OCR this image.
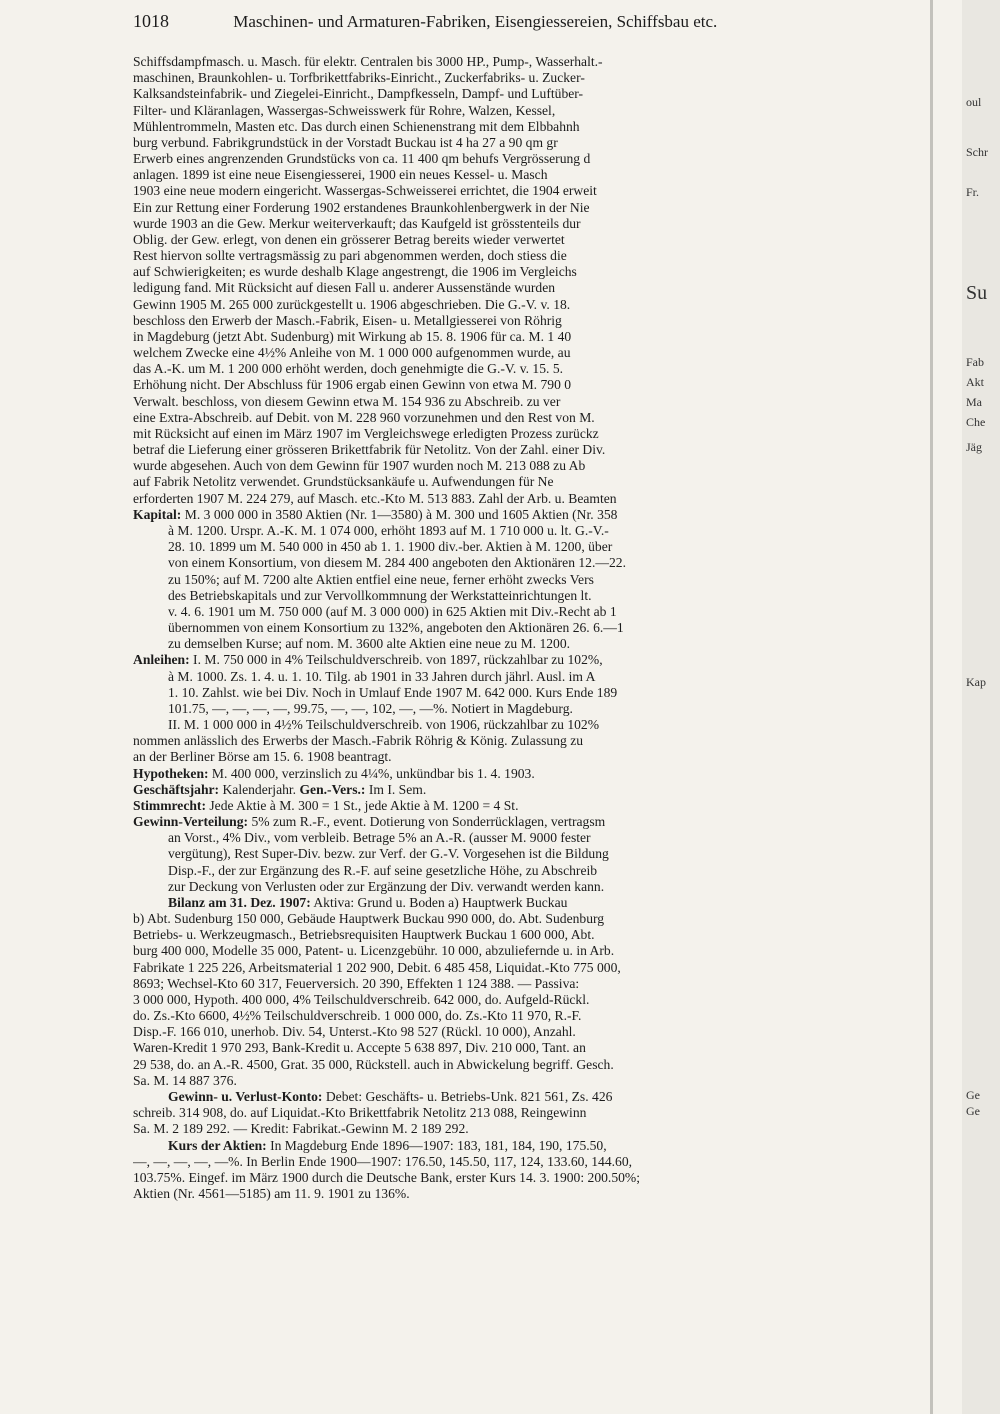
oul
Schr
Fr.
Su
Fab
Akt
Ma
Che
Jäg
Kap
Ge
Ge
1018	Maschinen- und Armaturen-Fabriken, Eisengiessereien, Schiffsbau etc.
Schiffsdampfmasch. u. Masch. für elektr. Centralen bis 3000 HP., Pump-, Wasserhalt.-
maschinen, Braunkohlen- u. Torfbrikettfabriks-Einricht., Zuckerfabriks- u. Zucker-
Kalksandsteinfabrik- und Ziegelei-Einricht., Dampfkesseln, Dampf- und Luftüber-
Filter- und Kläranlagen, Wassergas-Schweisswerk für Rohre, Walzen, Kessel,
Mühlentrommeln, Masten etc. Das durch einen Schienenstrang mit dem Elbbahnh
burg verbund. Fabrikgrundstück in der Vorstadt Buckau ist 4 ha 27 a 90 qm gr
Erwerb eines angrenzenden Grundstücks von ca. 11 400 qm behufs Vergrösserung d
anlagen. 1899 ist eine neue Eisengiesserei, 1900 ein neues Kessel- u. Masch
1903 eine neue modern eingericht. Wassergas-Schweisserei errichtet, die 1904 erweit
Ein zur Rettung einer Forderung 1902 erstandenes Braunkohlenbergwerk in der Nie
wurde 1903 an die Gew. Merkur weiterverkauft; das Kaufgeld ist grösstenteils dur
Oblig. der Gew. erlegt, von denen ein grösserer Betrag bereits wieder verwertet
Rest hiervon sollte vertragsmässig zu pari abgenommen werden, doch stiess die
auf Schwierigkeiten; es wurde deshalb Klage angestrengt, die 1906 im Vergleichs
ledigung fand. Mit Rücksicht auf diesen Fall u. anderer Aussenstände wurden
Gewinn 1905 M. 265 000 zurückgestellt u. 1906 abgeschrieben. Die G.-V. v. 18.
beschloss den Erwerb der Masch.-Fabrik, Eisen- u. Metallgiesserei von Röhrig
in Magdeburg (jetzt Abt. Sudenburg) mit Wirkung ab 15. 8. 1906 für ca. M. 1 40
welchem Zwecke eine 4½% Anleihe von M. 1 000 000 aufgenommen wurde, au
das A.-K. um M. 1 200 000 erhöht werden, doch genehmigte die G.-V. v. 15. 5.
Erhöhung nicht. Der Abschluss für 1906 ergab einen Gewinn von etwa M. 790 0
Verwalt. beschloss, von diesem Gewinn etwa M. 154 936 zu Abschreib. zu ver
eine Extra-Abschreib. auf Debit. von M. 228 960 vorzunehmen und den Rest von M.
mit Rücksicht auf einen im März 1907 im Vergleichswege erledigten Prozess zurückz
betraf die Lieferung einer grösseren Brikettfabrik für Netolitz. Von der Zahl. einer Div.
wurde abgesehen. Auch von dem Gewinn für 1907 wurden noch M. 213 088 zu Ab
auf Fabrik Netolitz verwendet. Grundstücksankäufe u. Aufwendungen für Ne
erforderten 1907 M. 224 279, auf Masch. etc.-Kto M. 513 883. Zahl der Arb. u. Beamten
Kapital: M. 3 000 000 in 3580 Aktien (Nr. 1—3580) à M. 300 und 1605 Aktien (Nr. 358
à M. 1200. Urspr. A.-K. M. 1 074 000, erhöht 1893 auf M. 1 710 000 u. lt. G.-V.-
28. 10. 1899 um M. 540 000 in 450 ab 1. 1. 1900 div.-ber. Aktien à M. 1200, über
von einem Konsortium, von diesem M. 284 400 angeboten den Aktionären 12.—22.
zu 150%; auf M. 7200 alte Aktien entfiel eine neue, ferner erhöht zwecks Vers
des Betriebskapitals und zur Vervollkommnung der Werkstatteinrichtungen lt.
v. 4. 6. 1901 um M. 750 000 (auf M. 3 000 000) in 625 Aktien mit Div.-Recht ab 1
übernommen von einem Konsortium zu 132%, angeboten den Aktionären 26. 6.—1
zu demselben Kurse; auf nom. M. 3600 alte Aktien eine neue zu M. 1200.
Anleihen: I. M. 750 000 in 4% Teilschuldverschreib. von 1897, rückzahlbar zu 102%,
à M. 1000. Zs. 1. 4. u. 1. 10. Tilg. ab 1901 in 33 Jahren durch jährl. Ausl. im A
1. 10. Zahlst. wie bei Div. Noch in Umlauf Ende 1907 M. 642 000. Kurs Ende 189
101.75, —, —, —, —, 99.75, —, —, 102, —, —%. Notiert in Magdeburg.
II. M. 1 000 000 in 4½% Teilschuldverschreib. von 1906, rückzahlbar zu 102%
nommen anlässlich des Erwerbs der Masch.-Fabrik Röhrig & König. Zulassung zu
an der Berliner Börse am 15. 6. 1908 beantragt.
Hypotheken: M. 400 000, verzinslich zu 4¼%, unkündbar bis 1. 4. 1903.
Geschäftsjahr: Kalenderjahr. Gen.-Vers.: Im I. Sem.
Stimmrecht: Jede Aktie à M. 300 = 1 St., jede Aktie à M. 1200 = 4 St.
Gewinn-Verteilung: 5% zum R.-F., event. Dotierung von Sonderrücklagen, vertragsm
an Vorst., 4% Div., vom verbleib. Betrage 5% an A.-R. (ausser M. 9000 fester
vergütung), Rest Super-Div. bezw. zur Verf. der G.-V. Vorgesehen ist die Bildung
Disp.-F., der zur Ergänzung des R.-F. auf seine gesetzliche Höhe, zu Abschreib
zur Deckung von Verlusten oder zur Ergänzung der Div. verwandt werden kann.
Bilanz am 31. Dez. 1907: Aktiva: Grund u. Boden a) Hauptwerk Buckau
b) Abt. Sudenburg 150 000, Gebäude Hauptwerk Buckau 990 000, do. Abt. Sudenburg
Betriebs- u. Werkzeugmasch., Betriebsrequisiten Hauptwerk Buckau 1 600 000, Abt.
burg 400 000, Modelle 35 000, Patent- u. Licenzgebühr. 10 000, abzuliefernde u. in Arb.
Fabrikate 1 225 226, Arbeitsmaterial 1 202 900, Debit. 6 485 458, Liquidat.-Kto 775 000,
8693; Wechsel-Kto 60 317, Feuerversich. 20 390, Effekten 1 124 388. — Passiva:
3 000 000, Hypoth. 400 000, 4% Teilschuldverschreib. 642 000, do. Aufgeld-Rückl.
do. Zs.-Kto 6600, 4½% Teilschuldverschreib. 1 000 000, do. Zs.-Kto 11 970, R.-F.
Disp.-F. 166 010, unerhob. Div. 54, Unterst.-Kto 98 527 (Rückl. 10 000), Anzahl.
Waren-Kredit 1 970 293, Bank-Kredit u. Accepte 5 638 897, Div. 210 000, Tant. an
29 538, do. an A.-R. 4500, Grat. 35 000, Rückstell. auch in Abwickelung begriff. Gesch.
Sa. M. 14 887 376.
Gewinn- u. Verlust-Konto: Debet: Geschäfts- u. Betriebs-Unk. 821 561, Zs. 426
schreib. 314 908, do. auf Liquidat.-Kto Brikettfabrik Netolitz 213 088, Reingewinn
Sa. M. 2 189 292. — Kredit: Fabrikat.-Gewinn M. 2 189 292.
Kurs der Aktien: In Magdeburg Ende 1896—1907: 183, 181, 184, 190, 175.50,
—, —, —, —, —%. In Berlin Ende 1900—1907: 176.50, 145.50, 117, 124, 133.60, 144.60,
103.75%. Eingef. im März 1900 durch die Deutsche Bank, erster Kurs 14. 3. 1900: 200.50%;
Aktien (Nr. 4561—5185) am 11. 9. 1901 zu 136%.
